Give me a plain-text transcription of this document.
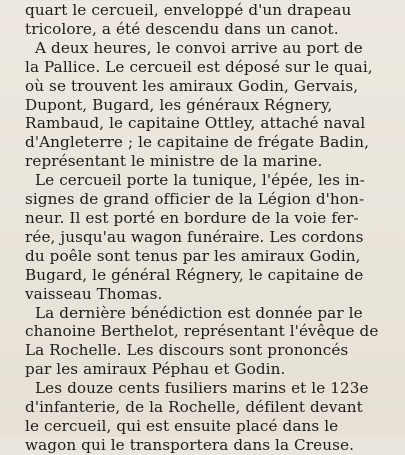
quart le cercueil, enveloppé d'un drapeau
tricolore, a été descendu dans un canot.

A deux heures, le convoi arrive au port de
la Pallice. Le cercueil est déposé sur le quai,
où se trouvent les amiraux Godin, Gervais,
Dupont, Bugard, les généraux Régnery,
Rambaud, le capitaine Ottley, attaché naval
d'Angleterre ; le capitaine de frégate Badin,
représentant le ministre de la marine.

Le cercueil porte la tunique, l'épée, les in-
signes de grand officier de la Légion d'hon-
neur. Il est porté en bordure de la voie fer-
rée, jusqu'au wagon funéraire. Les cordons
du poêle sont tenus par les amiraux Godin,
Bugard, le général Régnery, le capitaine de
vaisseau Thomas.

La dernière bénédiction est donnée par le
chanoine Berthelot, représentant l'évêque de
La Rochelle. Les discours sont prononcés
par les amiraux Péphau et Godin.

Les douze cents fusiliers marins et le 123e
d'infanterie, de la Rochelle, défilent devant
le cercueil, qui est ensuite placé dans le
wagon qui le transportera dans la Creuse.
